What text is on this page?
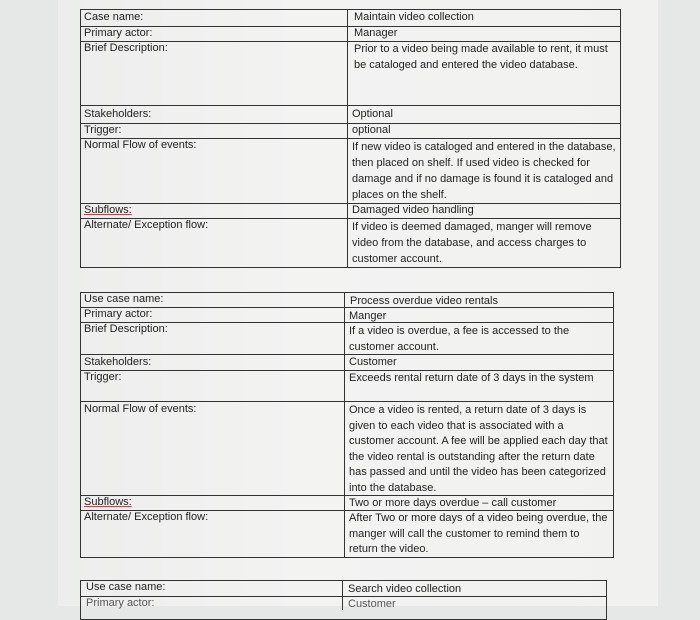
Case name:
Primary actor:
Brief Description:
Stakeholders:
Trigger:
Normal Flow of events:
Subflows:
Alternate/ Exception flow:
Maintain video collection
Manager
Prior to a video being made available to rent, it must be cataloged and entered the video database.
Optional
optional
If new video is cataloged and entered in the database, then placed on shelf. If used video is checked for damage and if no damage is found it is cataloged and places on the shelf.
Damaged video handling
If video is deemed damaged, manger will remove video from the database, and access charges to customer account.
Use case name:
Primary actor:
Brief Description:
Stakeholders:
Trigger:
Normal Flow of events:
Subflows:
Alternate/ Exception flow:
Process overdue video rentals
Manger
If a video is overdue, a fee is accessed to the customer account.
Customer
Exceeds rental return date of 3 days in the system
Once a video is rented, a return date of 3 days is given to each video that is associated with a customer account. A fee will be applied each day that the video rental is outstanding after the return date has passed and until the video has been categorized into the database.
Two or more days overdue – call customer
After Two or more days of a video being overdue, the manger will call the customer to remind them to return the video.
Use case name:
Primary actor:
Search video collection
Customer
